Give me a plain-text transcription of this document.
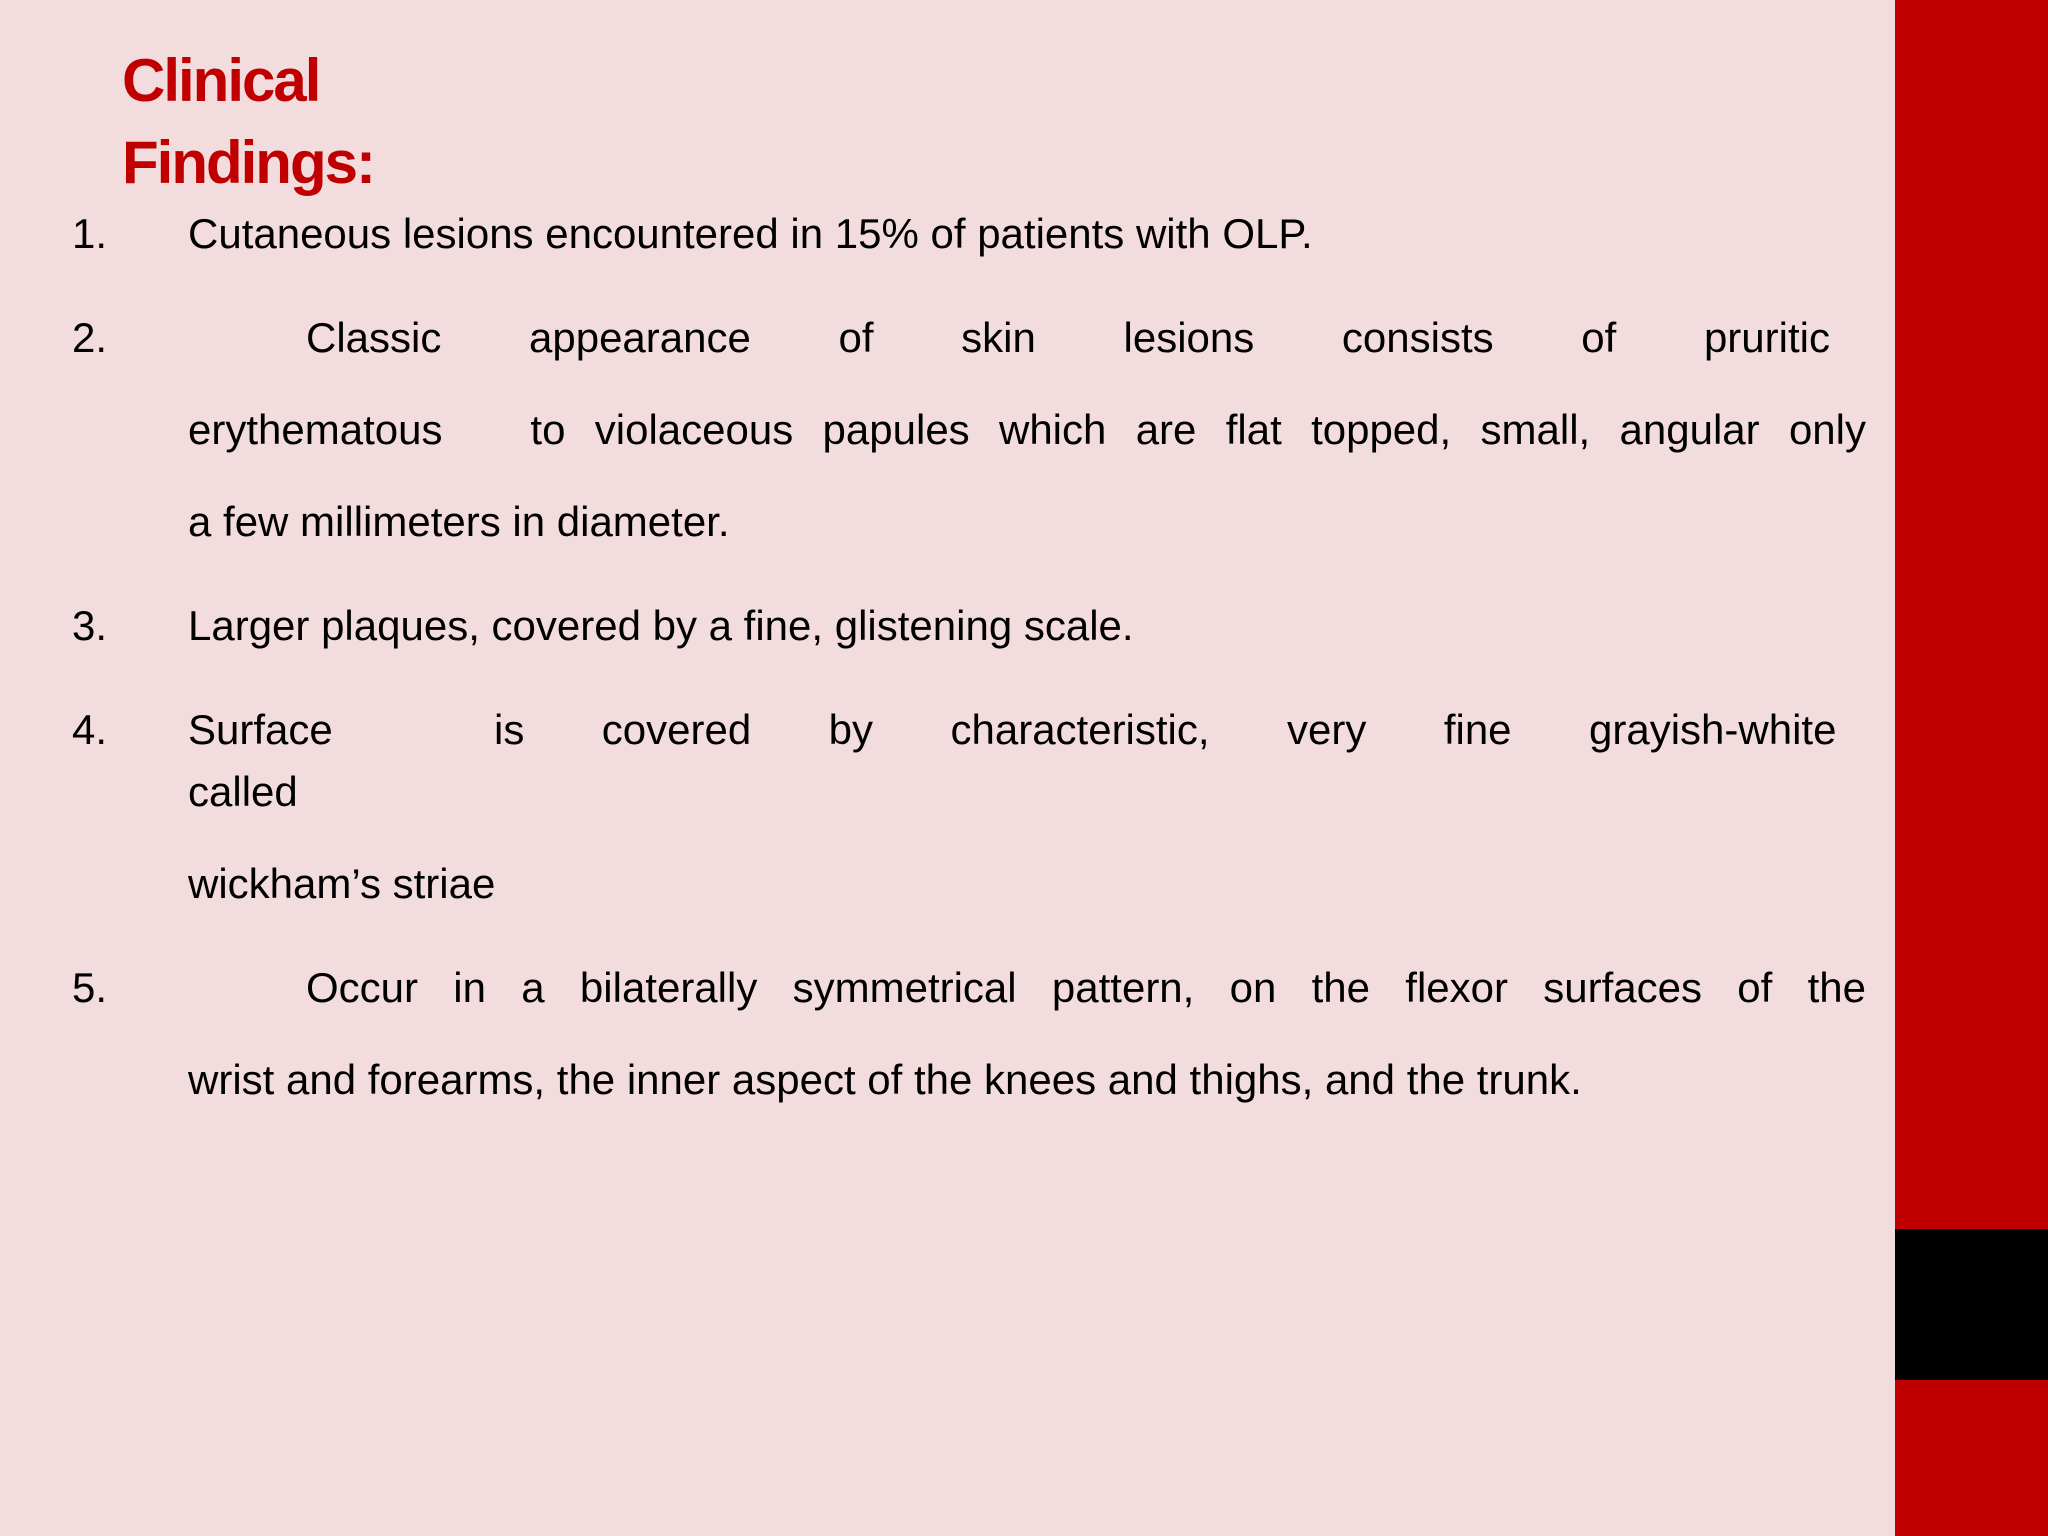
Clinical
Findings:
1. Cutaneous lesions encountered in 15% of patients with OLP.
2.	Classic appearance of skin lesions consists of pruritic
erythematous   to violaceous papules which are flat topped, small, angular only
a few millimeters in diameter.
3. Larger plaques, covered by a fine, glistening scale.
4. Surface	is covered by characteristic, very fine grayish-white
called
wickham’s striae
5.	Occur in a bilaterally symmetrical pattern, on the flexor surfaces of the
wrist and forearms, the inner aspect of the knees and thighs, and the trunk.
